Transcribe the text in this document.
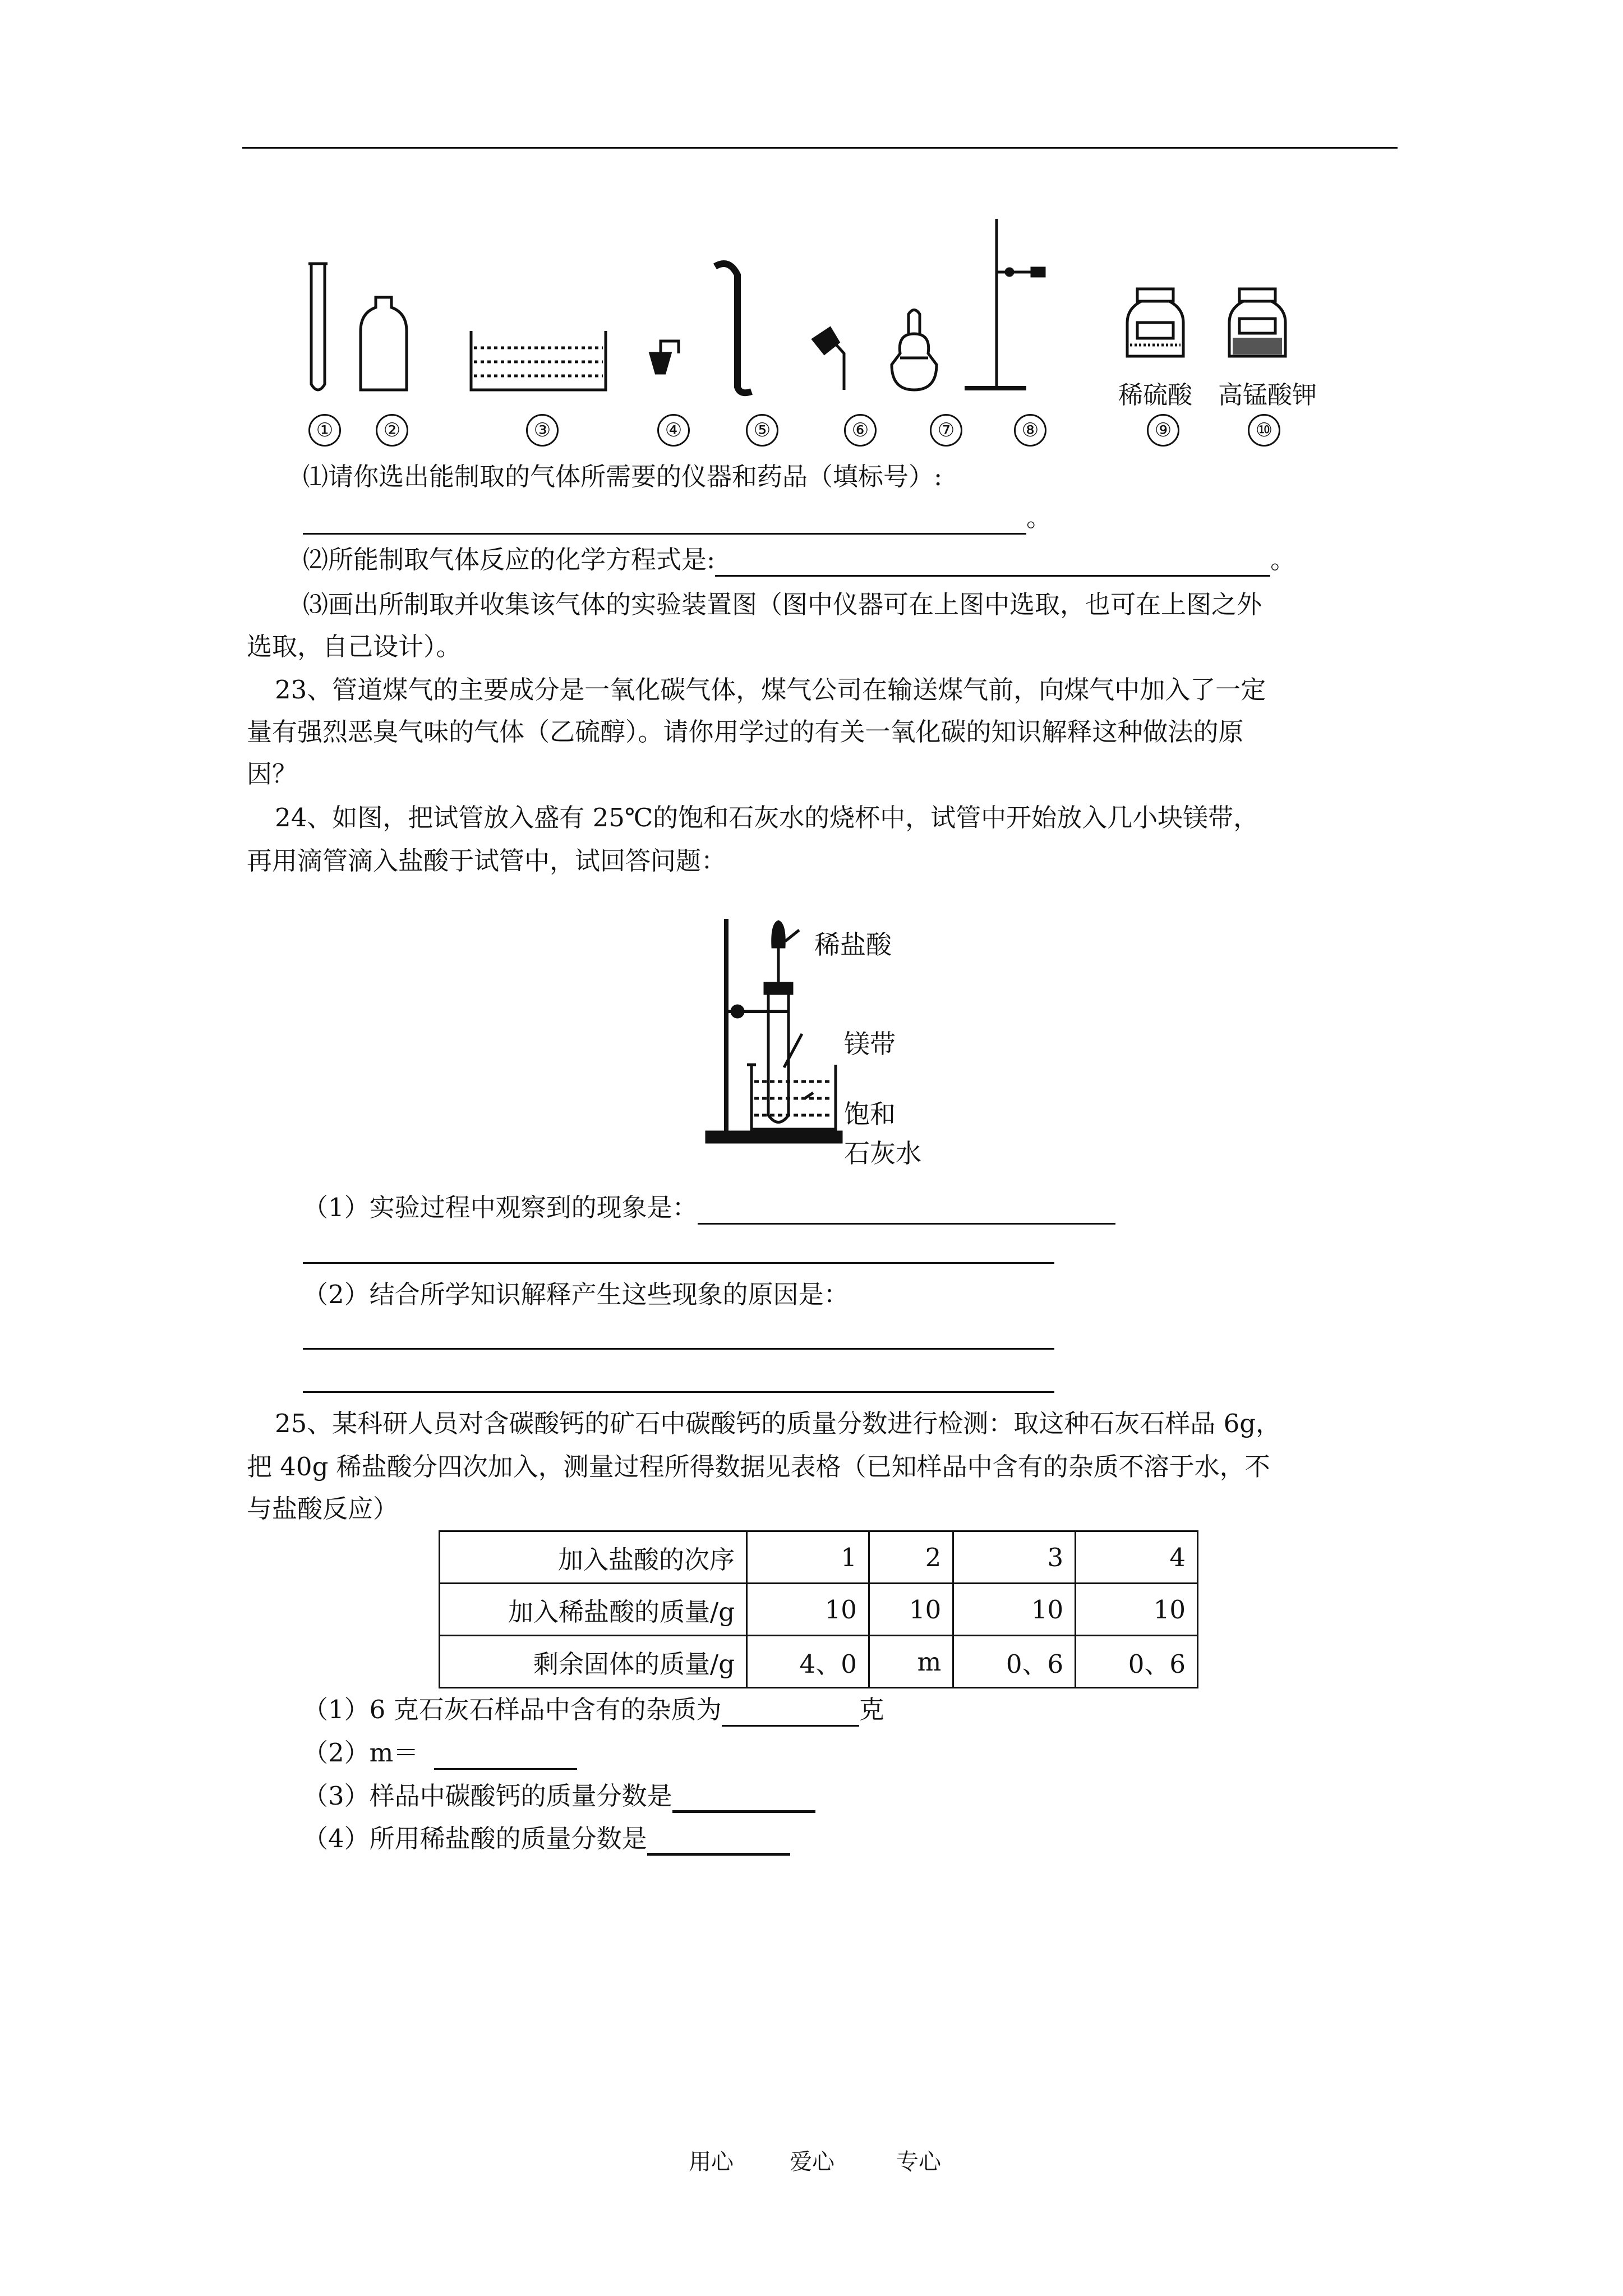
稀硫酸 高锰酸钾
①	②	③	④	⑤	⑥	⑦	⑧	⑨	⑩
⑴请你选出能制取的气体所需要的仪器和药品（填标号）:
。
⑵所能制取气体反应的化学方程式是:	。
⑶画出所制取并收集该气体的实验装置图（图中仪器可在上图中选取，也可在上图之外
选取，自己设计）。
23、管道煤气的主要成分是一氧化碳气体，煤气公司在输送煤气前，向煤气中加入了一定
量有强烈恶臭气味的气体（乙硫醇）。请你用学过的有关一氧化碳的知识解释这种做法的原
因？
24、如图，把试管放入盛有 25℃的饱和石灰水的烧杯中，试管中开始放入几小块镁带，
再用滴管滴入盐酸于试管中，试回答问题：
稀盐酸
镁带
饱和
石灰水
（1）实验过程中观察到的现象是：
（2）结合所学知识解释产生这些现象的原因是：
25、某科研人员对含碳酸钙的矿石中碳酸钙的质量分数进行检测：取这种石灰石样品 6g，
把 40g 稀盐酸分四次加入，测量过程所得数据见表格（已知样品中含有的杂质不溶于水，不
与盐酸反应）
加入盐酸的次序	1	2	3	4
加入稀盐酸的质量/g	10	10	10	10
剩余固体的质量/g	4、0	m	0、6	0、6
（1）6 克石灰石样品中含有的杂质为	克
（2）m＝
（3）样品中碳酸钙的质量分数是
（4）所用稀盐酸的质量分数是
用心	爱心	专心
